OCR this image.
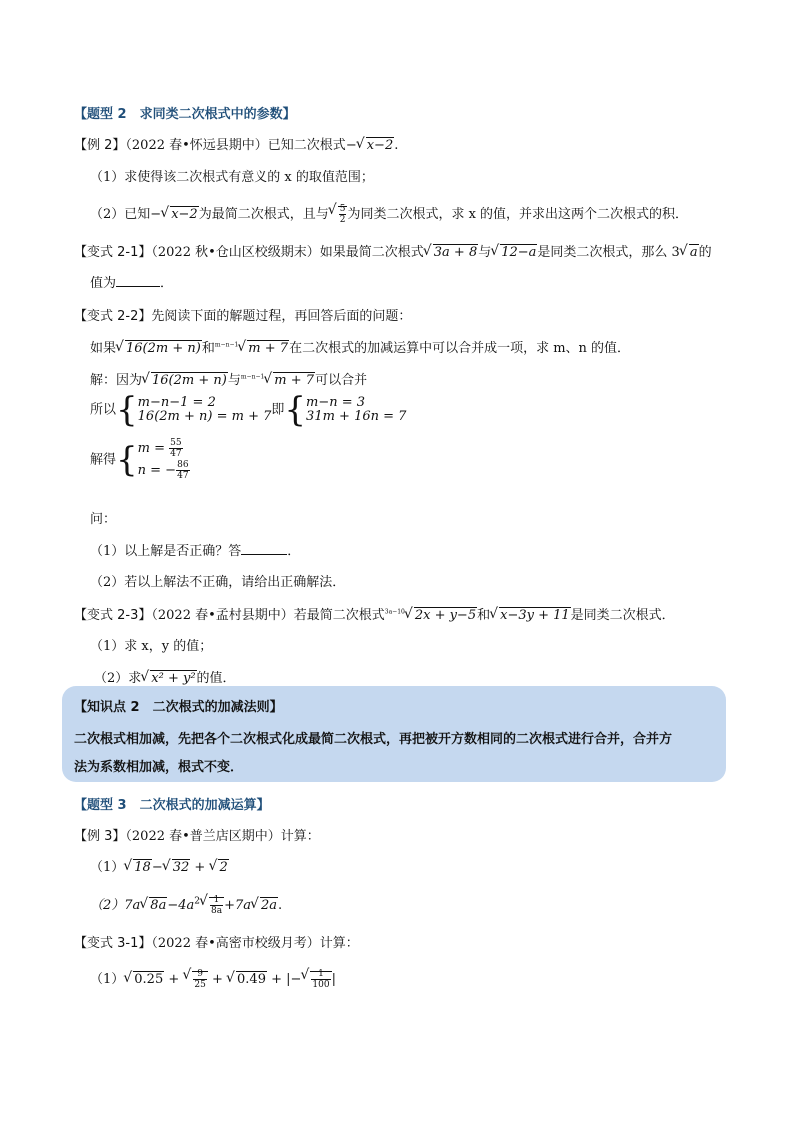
【题型 2　求同类二次根式中的参数】
【例 2】（2022 春•怀远县期中）已知二次根式−√ x−2.
（1）求使得该二次根式有意义的 x 的取值范围；
（2）已知−√ x−2为最简二次根式，且与
√ $\frac{5}{2}$ 为同类二次根式，求 x 的值，并求出这两个二次根式的积．
【变式 2-1】（2022 秋•仓山区校级期末）如果最简二次根式√ 3a + 8与√ 12−a是同类二次根式，那么 3√ a的
值为	．
【变式 2-2】先阅读下面的解题过程，再回答后面的问题：
如果√ 16(2m + n)和$^{m-n-1}$√ m + 7在二次根式的加减运算中可以合并成一项，求 m、n 的值．
解：因为√ 16(2m + n)与$^{m-n-1}$√ m + 7可以合并
所以{ m−n−1 = 2
16(2m + n) = m + 7 即{ m−n = 3
31m + 16n = 7
解得{ $m = \frac{55}{47}$
n = − $\frac{86}{47}$
问：
（1）以上解是否正确？答	．
（2）若以上解法不正确，请给出正确解法．
【变式 2-3】（2022 春•孟村县期中）若最简二次根式$^{3a-10}$√ 2x + y−5和√ x−3y + 11是同类二次根式．
（1）求 x，y 的值；
（2）求√ x² + y²的值．
【知识点 2　二次根式的加减法则】
二次根式相加减，先把各个二次根式化成最简二次根式，再把被开方数相同的二次根式进行合并，合并方
法为系数相加减，根式不变．
【题型 3　二次根式的加减运算】
【例 3】（2022 春•普兰店区期中）计算：
（1）√ 18−√ 32 + √ 2
（2）7a√ $8a-4a^2$
√ $\frac{1}{8a} +7a√$ 2a.
【变式 3-1】（2022 春•高密市校级月考）计算：
（1）√ 0.25 +
√ $\frac{9}{25}$ + √ 0.49 + |−
√ $\frac{1}{100}$ |
